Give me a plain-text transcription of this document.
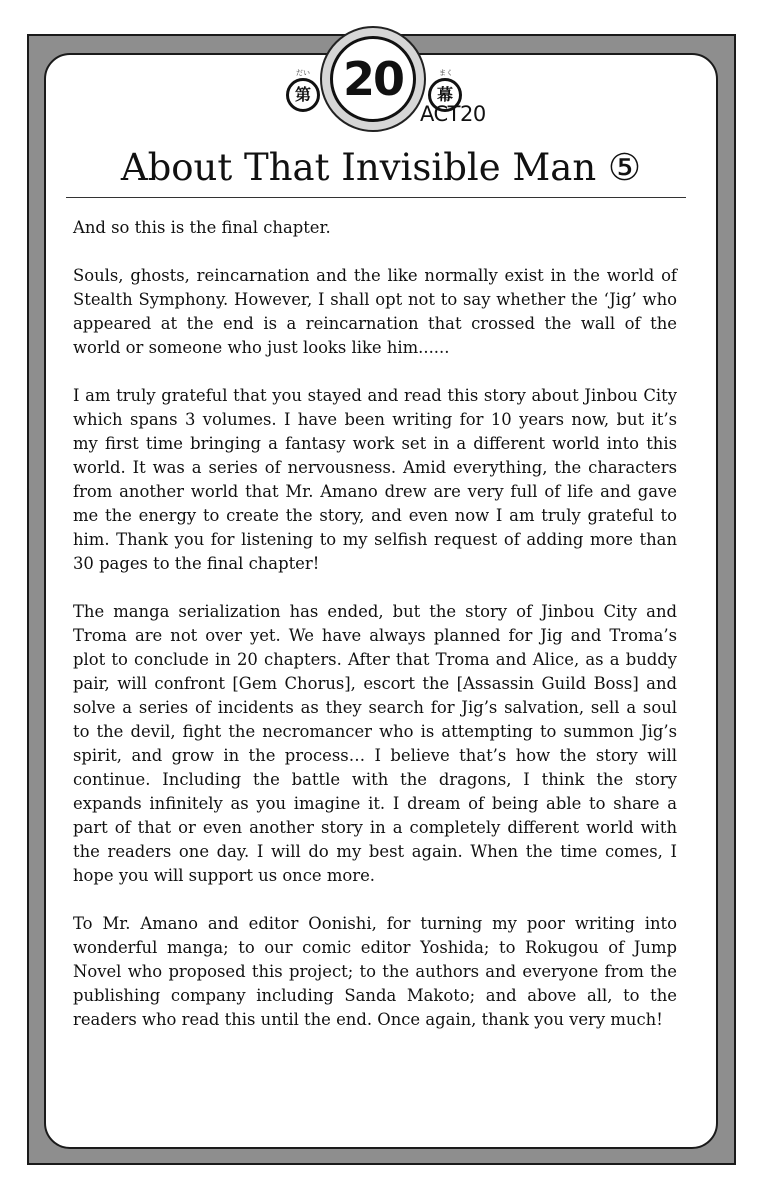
だい
第 20	まく
幕
ACT20
About That Invisible Man ⑤

And so this is the final chapter.

Souls, ghosts, reincarnation and the like normally exist in the world of Stealth Symphony. However, I shall opt not to say whether the ‘Jig’ who appeared at the end is a reincarnation that crossed the wall of the world or someone who just looks like him......

I am truly grateful that you stayed and read this story about Jinbou City which spans 3 volumes. I have been writing for 10 years now, but it’s my first time bringing a fantasy work set in a different world into this world. It was a series of nervousness. Amid everything, the characters from another world that Mr. Amano drew are very full of life and gave me the energy to create the story, and even now I am truly grateful to him. Thank you for listening to my selfish request of adding more than 30 pages to the final chapter!

The manga serialization has ended, but the story of Jinbou City and Troma are not over yet. We have always planned for Jig and Troma’s plot to conclude in 20 chapters. After that Troma and Alice, as a buddy pair, will confront [Gem Chorus], escort the [Assassin Guild Boss] and solve a series of incidents as they search for Jig’s salvation, sell a soul to the devil, fight the necromancer who is attempting to summon Jig’s spirit, and grow in the process… I believe that’s how the story will continue. Including the battle with the dragons, I think the story expands infinitely as you imagine it. I dream of being able to share a part of that or even another story in a completely different world with the readers one day. I will do my best again. When the time comes, I hope you will support us once more.

To Mr. Amano and editor Oonishi, for turning my poor writing into wonderful manga; to our comic editor Yoshida; to Rokugou of Jump Novel who proposed this project; to the authors and everyone from the publishing company including Sanda Makoto; and above all, to the readers who read this until the end. Once again, thank you very much!
